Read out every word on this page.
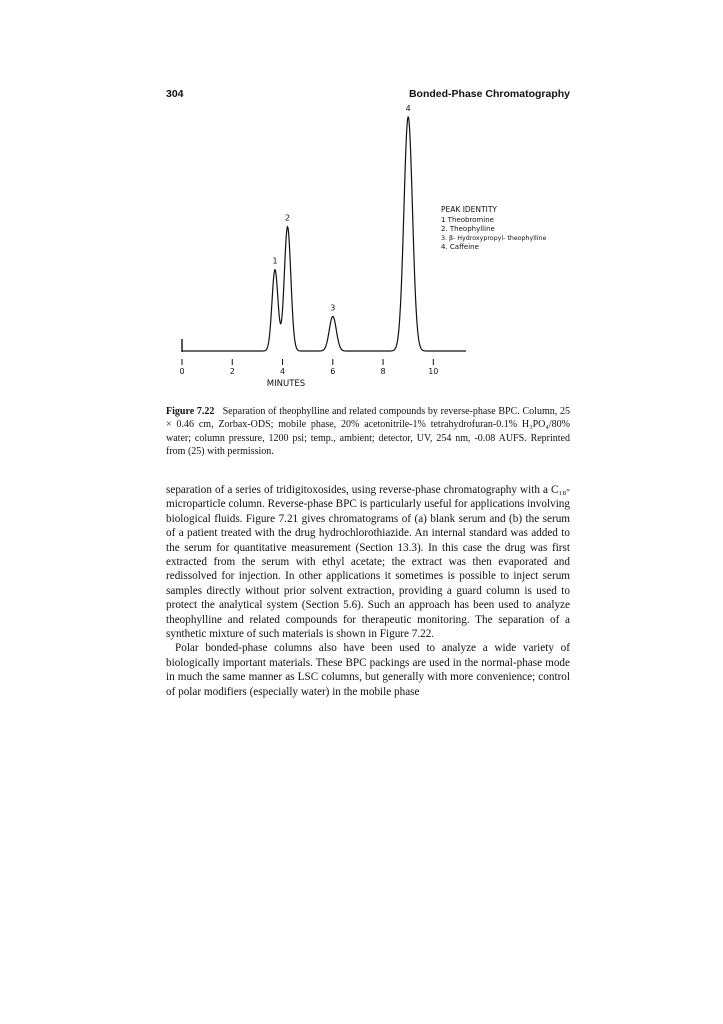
304	Bonded-Phase Chromatography
0	2	4	6	8	10
1
2
3
4
MINUTES
PEAK IDENTITY
1 Theobromine
2. Theophylline
3. β- Hydroxypropyl- theophylline
4. Caffeine
Figure 7.22 Separation of theophylline and related compounds by reverse-phase BPC. Column, 25 × 0.46 cm, Zorbax-ODS; mobile phase, 20% acetonitrile-1% tetrahydrofuran-0.1% H₃PO₄/80% water; column pressure, 1200 psi; temp., ambient; detector, UV, 254 nm, -0.08 AUFS. Reprinted from (25) with permission.

separation of a series of tridigitoxosides, using reverse-phase chromatography with a C₁₈-microparticle column. Reverse-phase BPC is particularly useful for applications involving biological fluids. Figure 7.21 gives chromatograms of (a) blank serum and (b) the serum of a patient treated with the drug hydrochlorothiazide. An internal standard was added to the serum for quantitative measurement (Section 13.3). In this case the drug was first extracted from the serum with ethyl acetate; the extract was then evaporated and redissolved for injection. In other applications it sometimes is possible to inject serum samples directly without prior solvent extraction, providing a guard column is used to protect the analytical system (Section 5.6). Such an approach has been used to analyze theophylline and related compounds for therapeutic monitoring. The separation of a synthetic mixture of such materials is shown in Figure 7.22.

Polar bonded-phase columns also have been used to analyze a wide variety of biologically important materials. These BPC packings are used in the normal-phase mode in much the same manner as LSC columns, but generally with more convenience; control of polar modifiers (especially water) in the mobile phase
